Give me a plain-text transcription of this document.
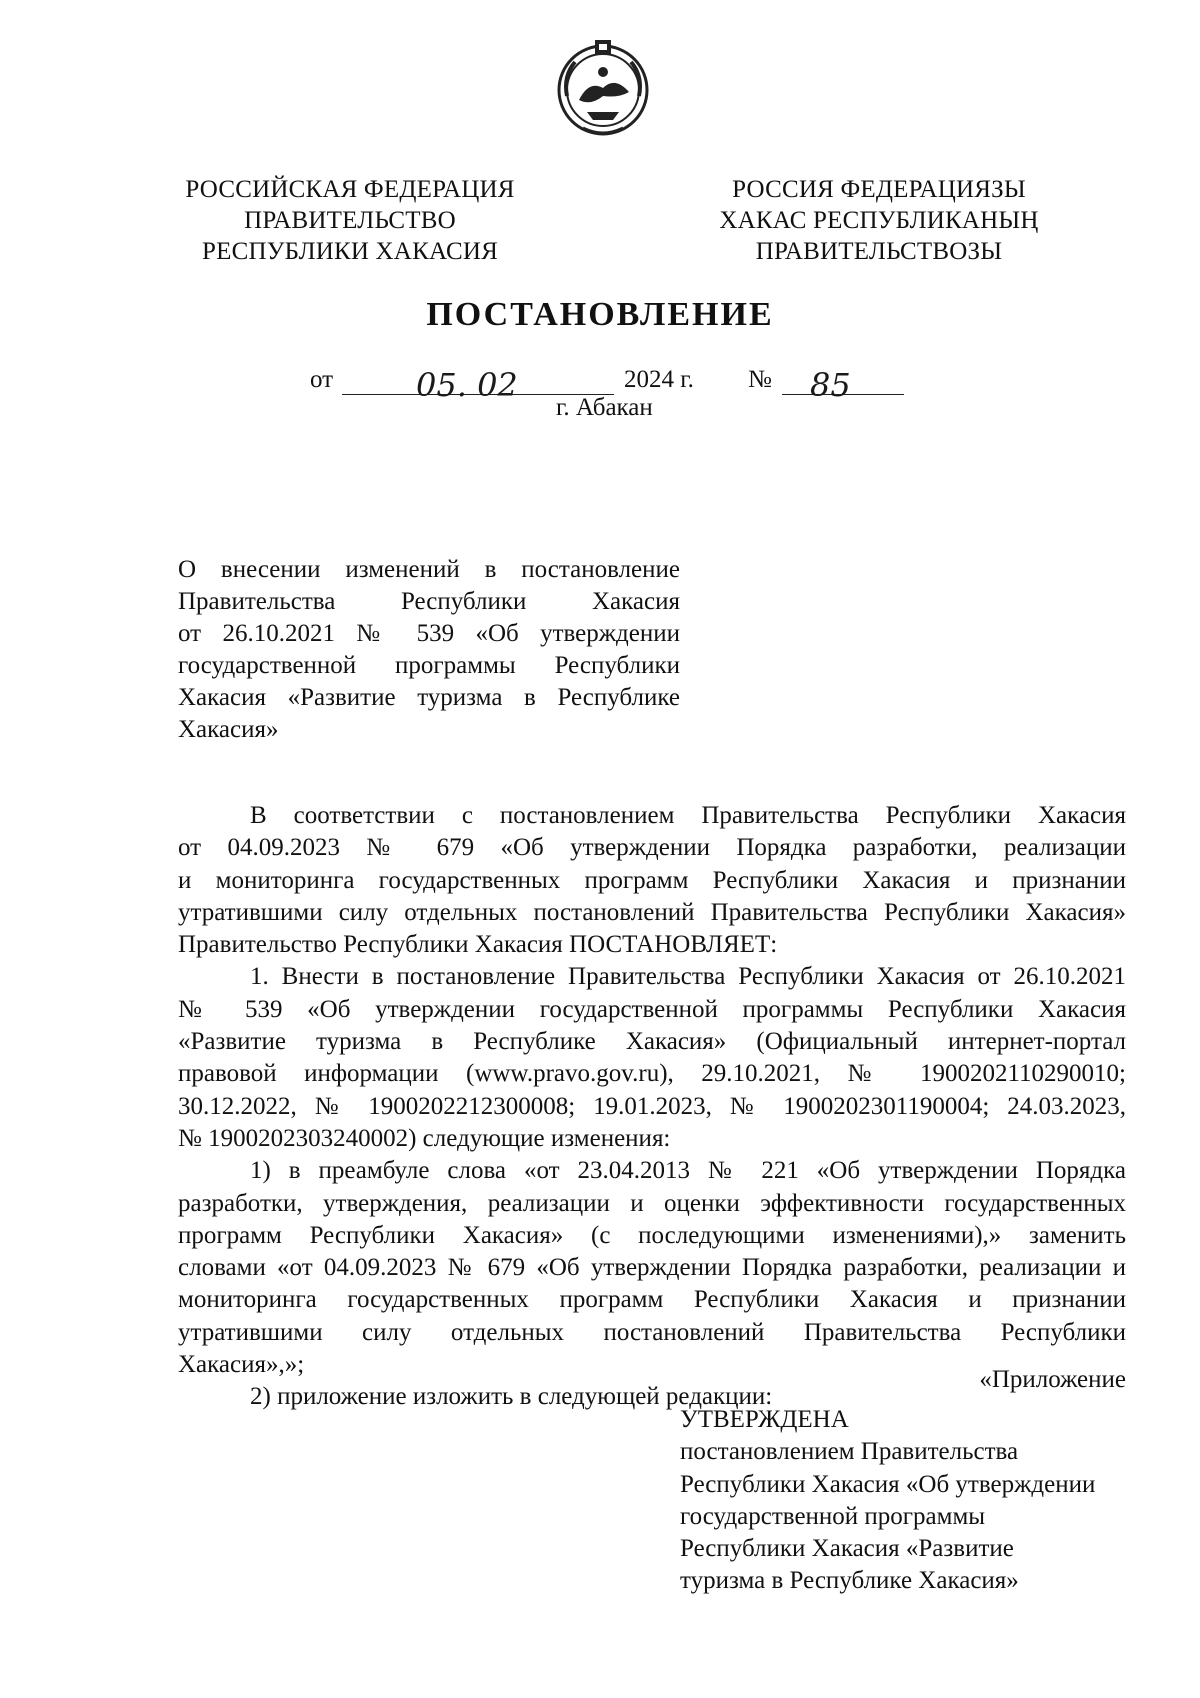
РОССИЙСКАЯ ФЕДЕРАЦИЯ
ПРАВИТЕЛЬСТВО
РЕСПУБЛИКИ ХАКАСИЯ
РОССИЯ ФЕДЕРАЦИЯЗЫ
ХАКАС РЕСПУБЛИКАНЫҢ
ПРАВИТЕЛЬСТВОЗЫ
ПОСТАНОВЛЕНИЕ
от	05. 02	2024 г. № 85
г. Абакан
О внесении изменений в постановление
Правительства Республики Хакасия
от 26.10.2021 № 539 «Об утверждении
государственной программы Республики
Хакасия «Развитие туризма в Республике
Хакасия»
В соответствии с постановлением Правительства Республики Хакасия
от 04.09.2023 № 679 «Об утверждении Порядка разработки, реализации
и мониторинга государственных программ Республики Хакасия и признании
утратившими силу отдельных постановлений Правительства Республики Хакасия»
Правительство Республики Хакасия ПОСТАНОВЛЯЕТ:
1. Внести в постановление Правительства Республики Хакасия от 26.10.2021
№ 539 «Об утверждении государственной программы Республики Хакасия
«Развитие туризма в Республике Хакасия» (Официальный интернет-портал
правовой информации (www.pravo.gov.ru), 29.10.2021, № 1900202110290010;
30.12.2022, № 1900202212300008; 19.01.2023, № 1900202301190004; 24.03.2023,
№ 1900202303240002) следующие изменения:
1) в преамбуле слова «от 23.04.2013 № 221 «Об утверждении Порядка
разработки, утверждения, реализации и оценки эффективности государственных
программ Республики Хакасия» (с последующими изменениями),» заменить
словами «от 04.09.2023 № 679 «Об утверждении Порядка разработки, реализации и
мониторинга государственных программ Республики Хакасия и признании
утратившими силу отдельных постановлений Правительства Республики
Хакасия»,»;
2) приложение изложить в следующей редакции:
«Приложение
УТВЕРЖДЕНА
постановлением Правительства
Республики Хакасия «Об утверждении
государственной программы
Республики Хакасия «Развитие
туризма в Республике Хакасия»
